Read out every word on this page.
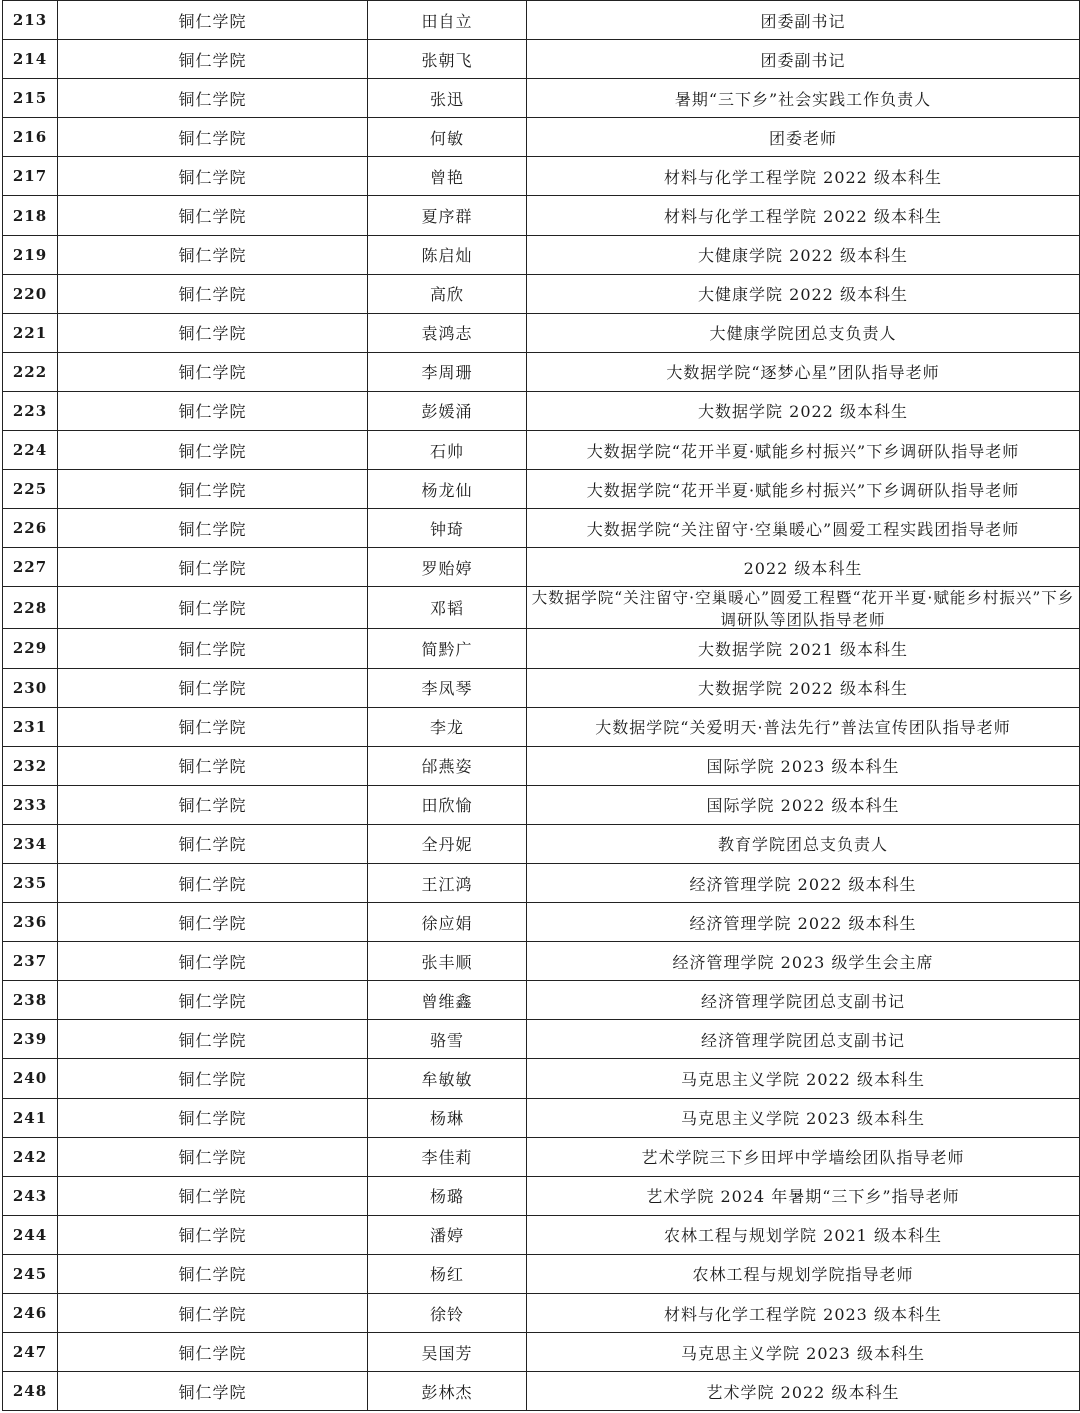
213	铜仁学院	田自立	团委副书记
214	铜仁学院	张朝飞	团委副书记
215	铜仁学院	张迅	暑期“三下乡”社会实践工作负责人
216	铜仁学院	何敏	团委老师
217	铜仁学院	曾艳	材料与化学工程学院 2022 级本科生
218	铜仁学院	夏序群	材料与化学工程学院 2022 级本科生
219	铜仁学院	陈启灿	大健康学院 2022 级本科生
220	铜仁学院	高欣	大健康学院 2022 级本科生
221	铜仁学院	袁鸿志	大健康学院团总支负责人
222	铜仁学院	李周珊	大数据学院“逐梦心星”团队指导老师
223	铜仁学院	彭媛涌	大数据学院 2022 级本科生
224	铜仁学院	石帅	大数据学院“花开半夏·赋能乡村振兴”下乡调研队指导老师
225	铜仁学院	杨龙仙	大数据学院“花开半夏·赋能乡村振兴”下乡调研队指导老师
226	铜仁学院	钟琦	大数据学院“关注留守·空巢暖心”圆爱工程实践团指导老师
227	铜仁学院	罗贻婷	2022 级本科生
228	铜仁学院	邓韬	大数据学院“关注留守·空巢暖心”圆爱工程暨“花开半夏·赋能乡村振兴”下乡调研队等团队指导老师

229	铜仁学院	简黔广	大数据学院 2021 级本科生
230	铜仁学院	李凤琴	大数据学院 2022 级本科生
231	铜仁学院	李龙	大数据学院“关爱明天·普法先行”普法宣传团队指导老师
232	铜仁学院	邰燕姿	国际学院 2023 级本科生
233	铜仁学院	田欣愉	国际学院 2022 级本科生
234	铜仁学院	全丹妮	教育学院团总支负责人
235	铜仁学院	王江鸿	经济管理学院 2022 级本科生
236	铜仁学院	徐应娟	经济管理学院 2022 级本科生
237	铜仁学院	张丰顺	经济管理学院 2023 级学生会主席
238	铜仁学院	曾维鑫	经济管理学院团总支副书记
239	铜仁学院	骆雪	经济管理学院团总支副书记
240	铜仁学院	牟敏敏	马克思主义学院 2022 级本科生
241	铜仁学院	杨琳	马克思主义学院 2023 级本科生
242	铜仁学院	李佳莉	艺术学院三下乡田坪中学墙绘团队指导老师
243	铜仁学院	杨璐	艺术学院 2024 年暑期“三下乡”指导老师
244	铜仁学院	潘婷	农林工程与规划学院 2021 级本科生
245	铜仁学院	杨红	农林工程与规划学院指导老师
246	铜仁学院	徐铃	材料与化学工程学院 2023 级本科生
247	铜仁学院	吴国芳	马克思主义学院 2023 级本科生
248	铜仁学院	彭林杰	艺术学院 2022 级本科生
